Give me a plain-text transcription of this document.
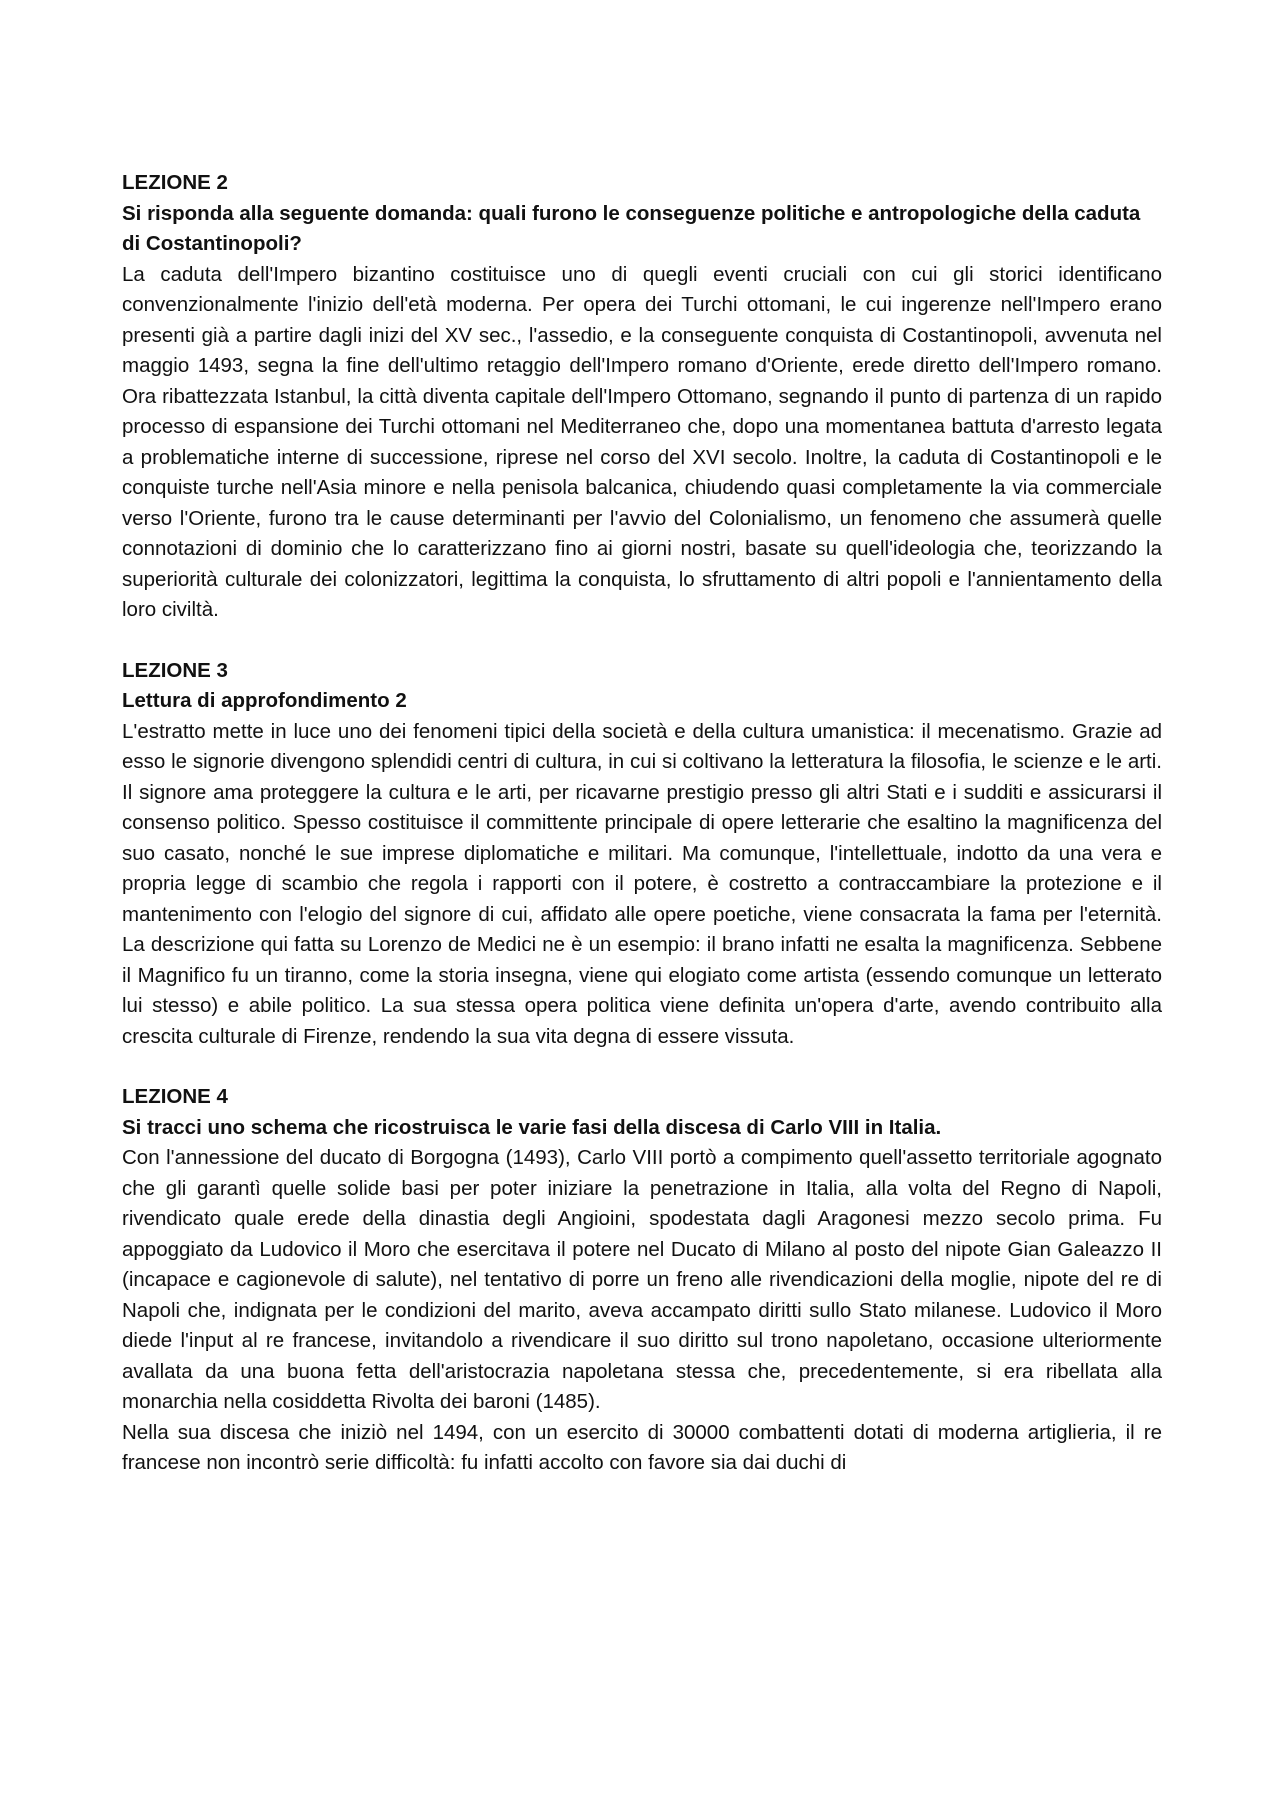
LEZIONE 2

Si risponda alla seguente domanda: quali furono le conseguenze politiche e antropologiche della caduta di Costantinopoli?

La caduta dell'Impero bizantino costituisce uno di quegli eventi cruciali con cui gli storici identificano convenzionalmente l'inizio dell'età moderna. Per opera dei Turchi ottomani, le cui ingerenze nell'Impero erano presenti già a partire dagli inizi del XV sec., l'assedio, e la conseguente conquista di Costantinopoli, avvenuta nel maggio 1493, segna la fine dell'ultimo retaggio dell'Impero romano d'Oriente, erede diretto dell'Impero romano. Ora ribattezzata Istanbul, la città diventa capitale dell'Impero Ottomano, segnando il punto di partenza di un rapido processo di espansione dei Turchi ottomani nel Mediterraneo che, dopo una momentanea battuta d'arresto legata a problematiche interne di successione, riprese nel corso del XVI secolo. Inoltre, la caduta di Costantinopoli e le conquiste turche nell'Asia minore e nella penisola balcanica, chiudendo quasi completamente la via commerciale verso l'Oriente, furono tra le cause determinanti per l'avvio del Colonialismo, un fenomeno che assumerà quelle connotazioni di dominio che lo caratterizzano fino ai giorni nostri, basate su quell'ideologia che, teorizzando la superiorità culturale dei colonizzatori, legittima la conquista, lo sfruttamento di altri popoli e l'annientamento della loro civiltà.

LEZIONE 3

Lettura di approfondimento 2

L'estratto mette in luce uno dei fenomeni tipici della società e della cultura umanistica: il mecenatismo. Grazie ad esso le signorie divengono splendidi centri di cultura, in cui si coltivano la letteratura la filosofia, le scienze e le arti. Il signore ama proteggere la cultura e le arti, per ricavarne prestigio presso gli altri Stati e i sudditi e assicurarsi il consenso politico. Spesso costituisce il committente principale di opere letterarie che esaltino la magnificenza del suo casato, nonché le sue imprese diplomatiche e militari. Ma comunque, l'intellettuale, indotto da una vera e propria legge di scambio che regola i rapporti con il potere, è costretto a contraccambiare la protezione e il mantenimento con l'elogio del signore di cui, affidato alle opere poetiche, viene consacrata la fama per l'eternità. La descrizione qui fatta su Lorenzo de Medici ne è un esempio: il brano infatti ne esalta la magnificenza. Sebbene il Magnifico fu un tiranno, come la storia insegna, viene qui elogiato come artista (essendo comunque un letterato lui stesso) e abile politico. La sua stessa opera politica viene definita un'opera d'arte, avendo contribuito alla crescita culturale di Firenze, rendendo la sua vita degna di essere vissuta.

LEZIONE 4

Si tracci uno schema che ricostruisca le varie fasi della discesa di Carlo VIII in Italia.

Con l'annessione del ducato di Borgogna (1493), Carlo VIII portò a compimento quell'assetto territoriale agognato che gli garantì quelle solide basi per poter iniziare la penetrazione in Italia, alla volta del Regno di Napoli, rivendicato quale erede della dinastia degli Angioini, spodestata dagli Aragonesi mezzo secolo prima. Fu appoggiato da Ludovico il Moro che esercitava il potere nel Ducato di Milano al posto del nipote Gian Galeazzo II (incapace e cagionevole di salute), nel tentativo di porre un freno alle rivendicazioni della moglie, nipote del re di Napoli che, indignata per le condizioni del marito, aveva accampato diritti sullo Stato milanese. Ludovico il Moro diede l'input al re francese, invitandolo a rivendicare il suo diritto sul trono napoletano, occasione ulteriormente avallata da una buona fetta dell'aristocrazia napoletana stessa che, precedentemente, si era ribellata alla monarchia nella cosiddetta Rivolta dei baroni (1485).

Nella sua discesa che iniziò nel 1494, con un esercito di 30000 combattenti dotati di moderna artiglieria, il re francese non incontrò serie difficoltà: fu infatti accolto con favore sia dai duchi di
